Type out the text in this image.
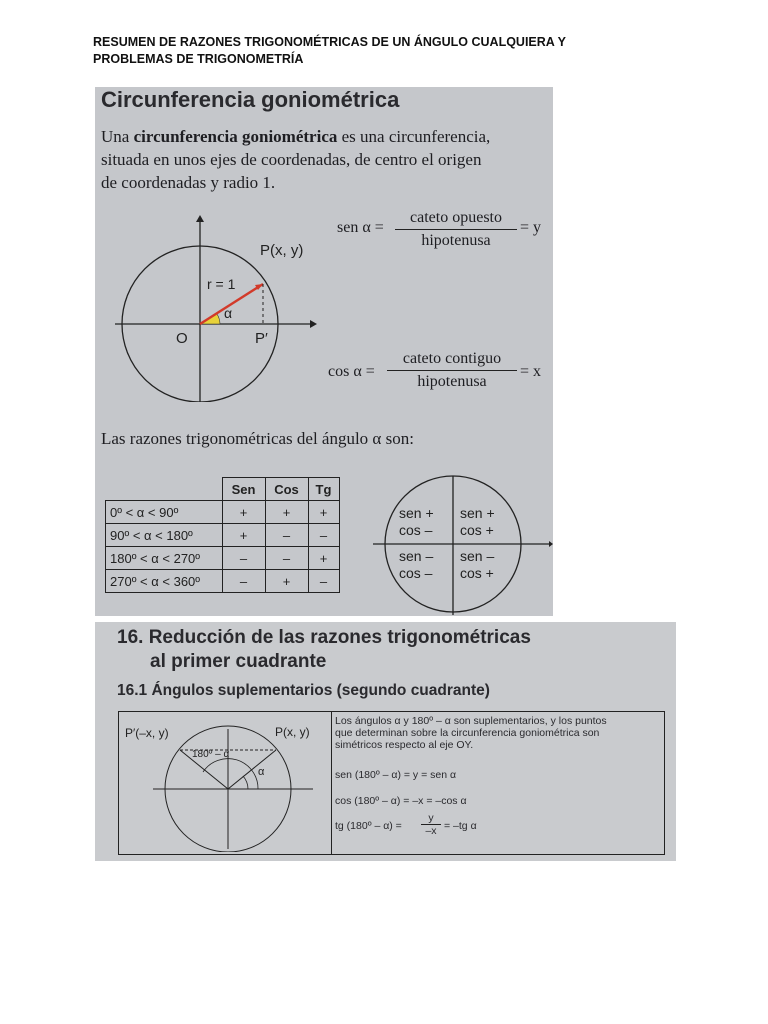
RESUMEN DE RAZONES TRIGONOMÉTRICAS DE UN ÁNGULO CUALQUIERA Y
PROBLEMAS DE TRIGONOMETRÍA
Circunferencia goniométrica
Una circunferencia goniométrica es una circunferencia,
situada en unos ejes de coordenadas, de centro el origen
de coordenadas y radio 1.
P(x, y)
r = 1
α
O	P′
sen α =
cateto opuesto
hipotenusa
= y
cos α =
cateto contiguo
hipotenusa
= x
Las razones trigonométricas del ángulo α son:
	Sen	Cos	Tg
0º < α < 90º	+	+	+
90º < α < 180º	+	–	–
180º < α < 270º	–	–	+
270º < α < 360º	–	+	–
sen +
cos –
sen +
cos +
sen –
cos –
sen –
cos +
16. Reducción de las razones trigonométricas
al primer cuadrante
16.1 Ángulos suplementarios (segundo cuadrante)
P′(–x, y)	P(x, y)
180º – α
α
Los ángulos α y 180º – α son suplementarios, y los puntos
que determinan sobre la circunferencia goniométrica son
simétricos respecto al eje OY.
sen (180º – α) = y = sen α
cos (180º – α) = –x = –cos α
tg (180º – $\alpha) = \frac{y}{-x} = -tg$ α
